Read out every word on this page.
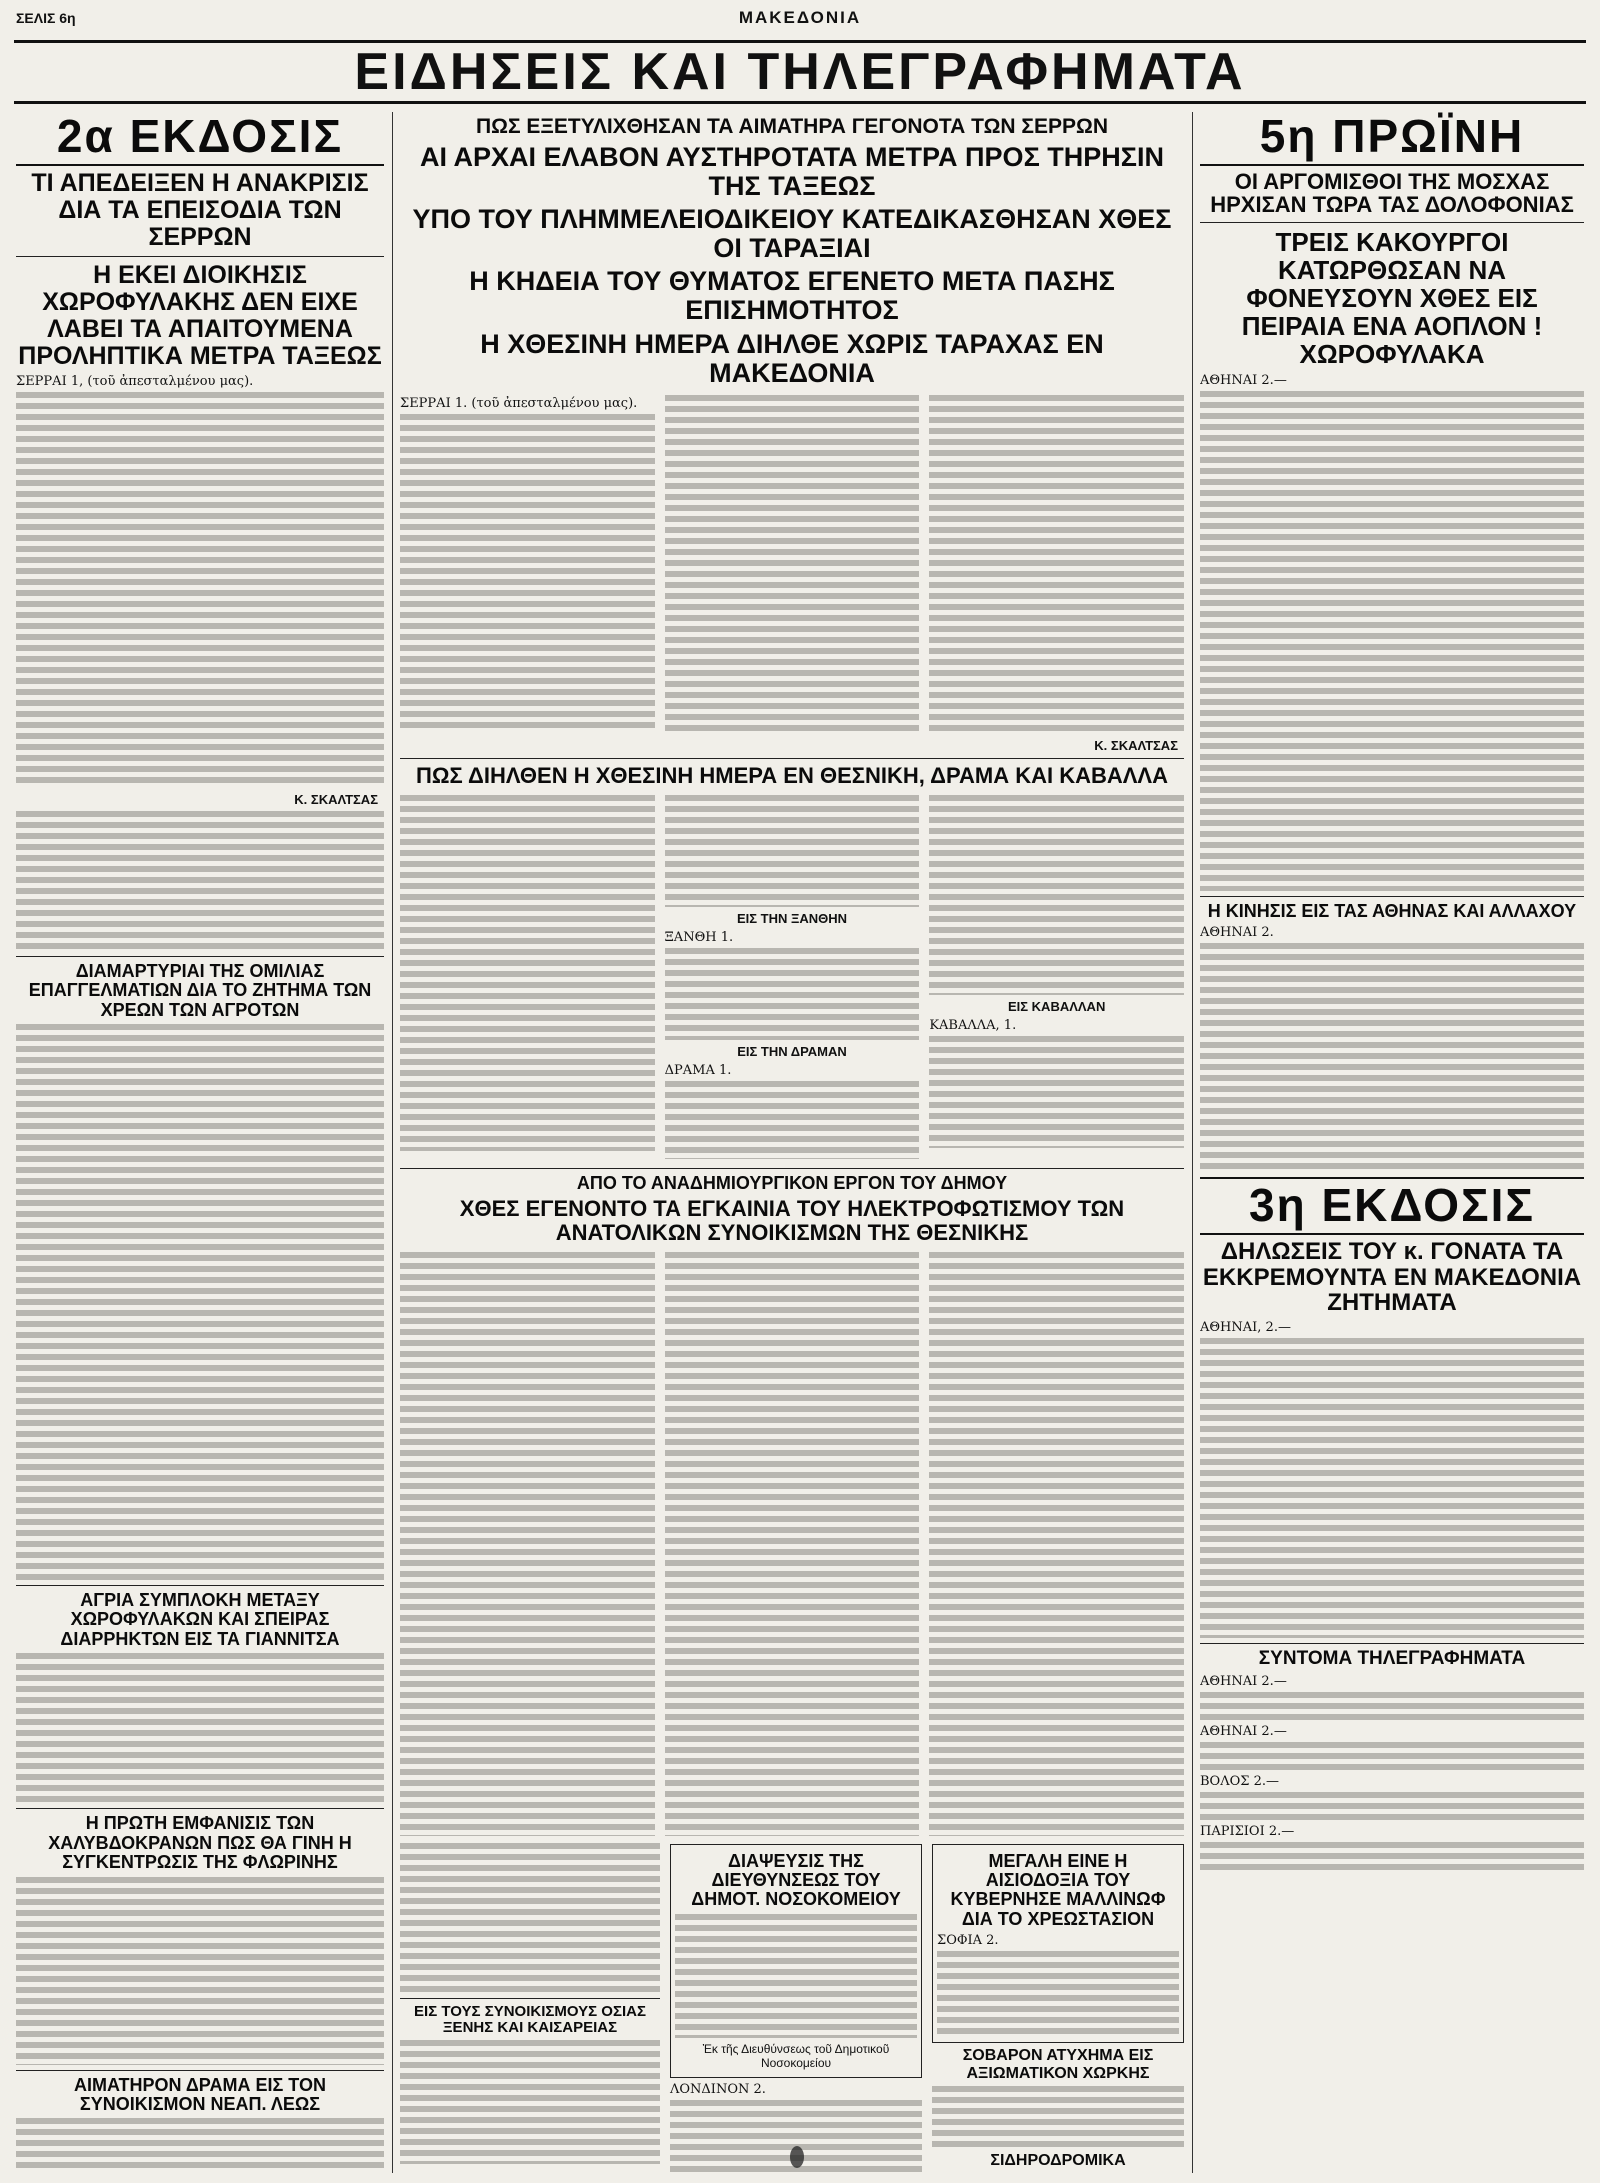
ΣΕΛΙΣ 6η	ΜΑΚΕΔΟΝΙΑ
ΕΙΔΗΣΕΙΣ ΚΑΙ ΤΗΛΕΓΡΑΦΗΜΑΤΑ
2α ΕΚΔΟΣΙΣ
ΤΙ ΑΠΕΔΕΙΞΕΝ Η ΑΝΑΚΡΙΣΙΣ ΔΙΑ ΤΑ ΕΠΕΙΣΟΔΙΑ ΤΩΝ ΣΕΡΡΩΝ
Η ΕΚΕΙ ΔΙΟΙΚΗΣΙΣ ΧΩΡΟΦΥΛΑΚΗΣ ΔΕΝ ΕΙΧΕ ΛΑΒΕΙ ΤΑ ΑΠΑΙΤΟΥΜΕΝΑ ΠΡΟΛΗΠΤΙΚΑ ΜΕΤΡΑ ΤΑΞΕΩΣ
ΣΕΡΡΑΙ 1, (τοῦ ἀπεσταλμένου μας).
Κ. ΣΚΑΛΤΣΑΣ
ΔΙΑΜΑΡΤΥΡΙΑΙ ΤΗΣ ΟΜΙΛΙΑΣ ΕΠΑΓΓΕΛΜΑΤΙΩΝ ΔΙΑ ΤΟ ΖΗΤΗΜΑ ΤΩΝ ΧΡΕΩΝ ΤΩΝ ΑΓΡΟΤΩΝ
ΑΓΡΙΑ ΣΥΜΠΛΟΚΗ ΜΕΤΑΞΥ ΧΩΡΟΦΥΛΑΚΩΝ ΚΑΙ ΣΠΕΙΡΑΣ ΔΙΑΡΡΗΚΤΩΝ ΕΙΣ ΤΑ ΓΙΑΝΝΙΤΣΑ
Η ΠΡΩΤΗ ΕΜΦΑΝΙΣΙΣ ΤΩΝ ΧΑΛΥΒΔΟΚΡΑΝΩΝ ΠΩΣ ΘΑ ΓΙΝΗ Η ΣΥΓΚΕΝΤΡΩΣΙΣ ΤΗΣ ΦΛΩΡΙΝΗΣ
ΑΙΜΑΤΗΡΟΝ ΔΡΑΜΑ ΕΙΣ ΤΟΝ ΣΥΝΟΙΚΙΣΜΟΝ ΝΕΑΠ. ΛΕΩΣ
ΠΩΣ ΕΞΕΤΥΛΙΧΘΗΣΑΝ ΤΑ ΑΙΜΑΤΗΡΑ ΓΕΓΟΝΟΤΑ ΤΩΝ ΣΕΡΡΩΝ
ΑΙ ΑΡΧΑΙ ΕΛΑΒΟΝ ΑΥΣΤΗΡΟΤΑΤΑ ΜΕΤΡΑ ΠΡΟΣ ΤΗΡΗΣΙΝ ΤΗΣ ΤΑΞΕΩΣ
ΥΠΟ ΤΟΥ ΠΛΗΜΜΕΛΕΙΟΔΙΚΕΙΟΥ ΚΑΤΕΔΙΚΑΣΘΗΣΑΝ ΧΘΕΣ ΟΙ ΤΑΡΑΞΙΑΙ
Η ΚΗΔΕΙΑ ΤΟΥ ΘΥΜΑΤΟΣ ΕΓΕΝΕΤΟ ΜΕΤΑ ΠΑΣΗΣ ΕΠΙΣΗΜΟΤΗΤΟΣ
Η ΧΘΕΣΙΝΗ ΗΜΕΡΑ ΔΙΗΛΘΕ ΧΩΡΙΣ ΤΑΡΑΧΑΣ ΕΝ ΜΑΚΕΔΟΝΙΑ
ΣΕΡΡΑΙ 1. (τοῦ ἀπεσταλμένου μας).
Κ. ΣΚΑΛΤΣΑΣ
ΠΩΣ ΔΙΗΛΘΕΝ Η ΧΘΕΣΙΝΗ ΗΜΕΡΑ ΕΝ ΘΕΣΝΙΚΗ, ΔΡΑΜΑ ΚΑΙ ΚΑΒΑΛΛΑ
ΕΙΣ ΤΗΝ ΞΑΝΘΗΝ
ΞΑΝΘΗ 1.
ΕΙΣ ΤΗΝ ΔΡΑΜΑΝ
ΔΡΑΜΑ 1.
ΕΙΣ ΚΑΒΑΛΛΑΝ
ΚΑΒΑΛΛΑ, 1.
ΑΠΟ ΤΟ ΑΝΑΔΗΜΙΟΥΡΓΙΚΟΝ ΕΡΓΟΝ ΤΟΥ ΔΗΜΟΥ
ΧΘΕΣ ΕΓΕΝΟΝΤΟ ΤΑ ΕΓΚΑΙΝΙΑ ΤΟΥ ΗΛΕΚΤΡΟΦΩΤΙΣΜΟΥ ΤΩΝ ΑΝΑΤΟΛΙΚΩΝ ΣΥΝΟΙΚΙΣΜΩΝ ΤΗΣ ΘΕΣΝΙΚΗΣ
ΕΙΣ ΤΟΥΣ ΣΥΝΟΙΚΙΣΜΟΥΣ ΟΣΙΑΣ ΞΕΝΗΣ ΚΑΙ ΚΑΙΣΑΡΕΙΑΣ
ΔΙΑΨΕΥΣΙΣ ΤΗΣ ΔΙΕΥΘΥΝΣΕΩΣ ΤΟΥ ΔΗΜΟΤ. ΝΟΣΟΚΟΜΕΙΟΥ
Ἐκ τῆς Διευθύνσεως τοῦ Δημοτικοῦ Νοσοκομείου
ΛΟΝΔΙΝΟΝ 2.
ΜΕΓΑΛΗ ΕΙΝΕ Η ΑΙΣΙΟΔΟΞΙΑ ΤΟΥ ΚΥΒΕΡΝΗΣΕ ΜΑΛΛΙΝΩΦ ΔΙΑ ΤΟ ΧΡΕΩΣΤΑΣΙΟΝ
ΣΟΦΙΑ 2.
ΣΟΒΑΡΟΝ ΑΤΥΧΗΜΑ ΕΙΣ ΑΞΙΩΜΑΤΙΚΟΝ ΧΩΡΚΗΣ
ΣΙΔΗΡΟΔΡΟΜΙΚΑ
5η ΠΡΩΪΝΗ
ΟΙ ΑΡΓΟΜΙΣΘΟΙ ΤΗΣ ΜΟΣΧΑΣ ΗΡΧΙΣΑΝ ΤΩΡΑ ΤΑΣ ΔΟΛΟΦΟΝΙΑΣ
ΤΡΕΙΣ ΚΑΚΟΥΡΓΟΙ ΚΑΤΩΡΘΩΣΑΝ ΝΑ ΦΟΝΕΥΣΟΥΝ ΧΘΕΣ ΕΙΣ ΠΕΙΡΑΙΑ ΕΝΑ ΑΟΠΛΟΝ ! ΧΩΡΟΦΥΛΑΚΑ
ΑΘΗΝΑΙ 2.—
Η ΚΙΝΗΣΙΣ ΕΙΣ ΤΑΣ ΑΘΗΝΑΣ ΚΑΙ ΑΛΛΑΧΟΥ
ΑΘΗΝΑΙ 2.
3η ΕΚΔΟΣΙΣ
ΔΗΛΩΣΕΙΣ ΤΟΥ κ. ΓΟΝΑΤΑ ΤΑ ΕΚΚΡΕΜΟΥΝΤΑ ΕΝ ΜΑΚΕΔΟΝΙΑ ΖΗΤΗΜΑΤΑ
ΑΘΗΝΑΙ, 2.—
ΣΥΝΤΟΜΑ ΤΗΛΕΓΡΑΦΗΜΑΤΑ
ΑΘΗΝΑΙ 2.—
ΑΘΗΝΑΙ 2.—
ΒΟΛΟΣ 2.—
ΠΑΡΙΣΙΟΙ 2.—
